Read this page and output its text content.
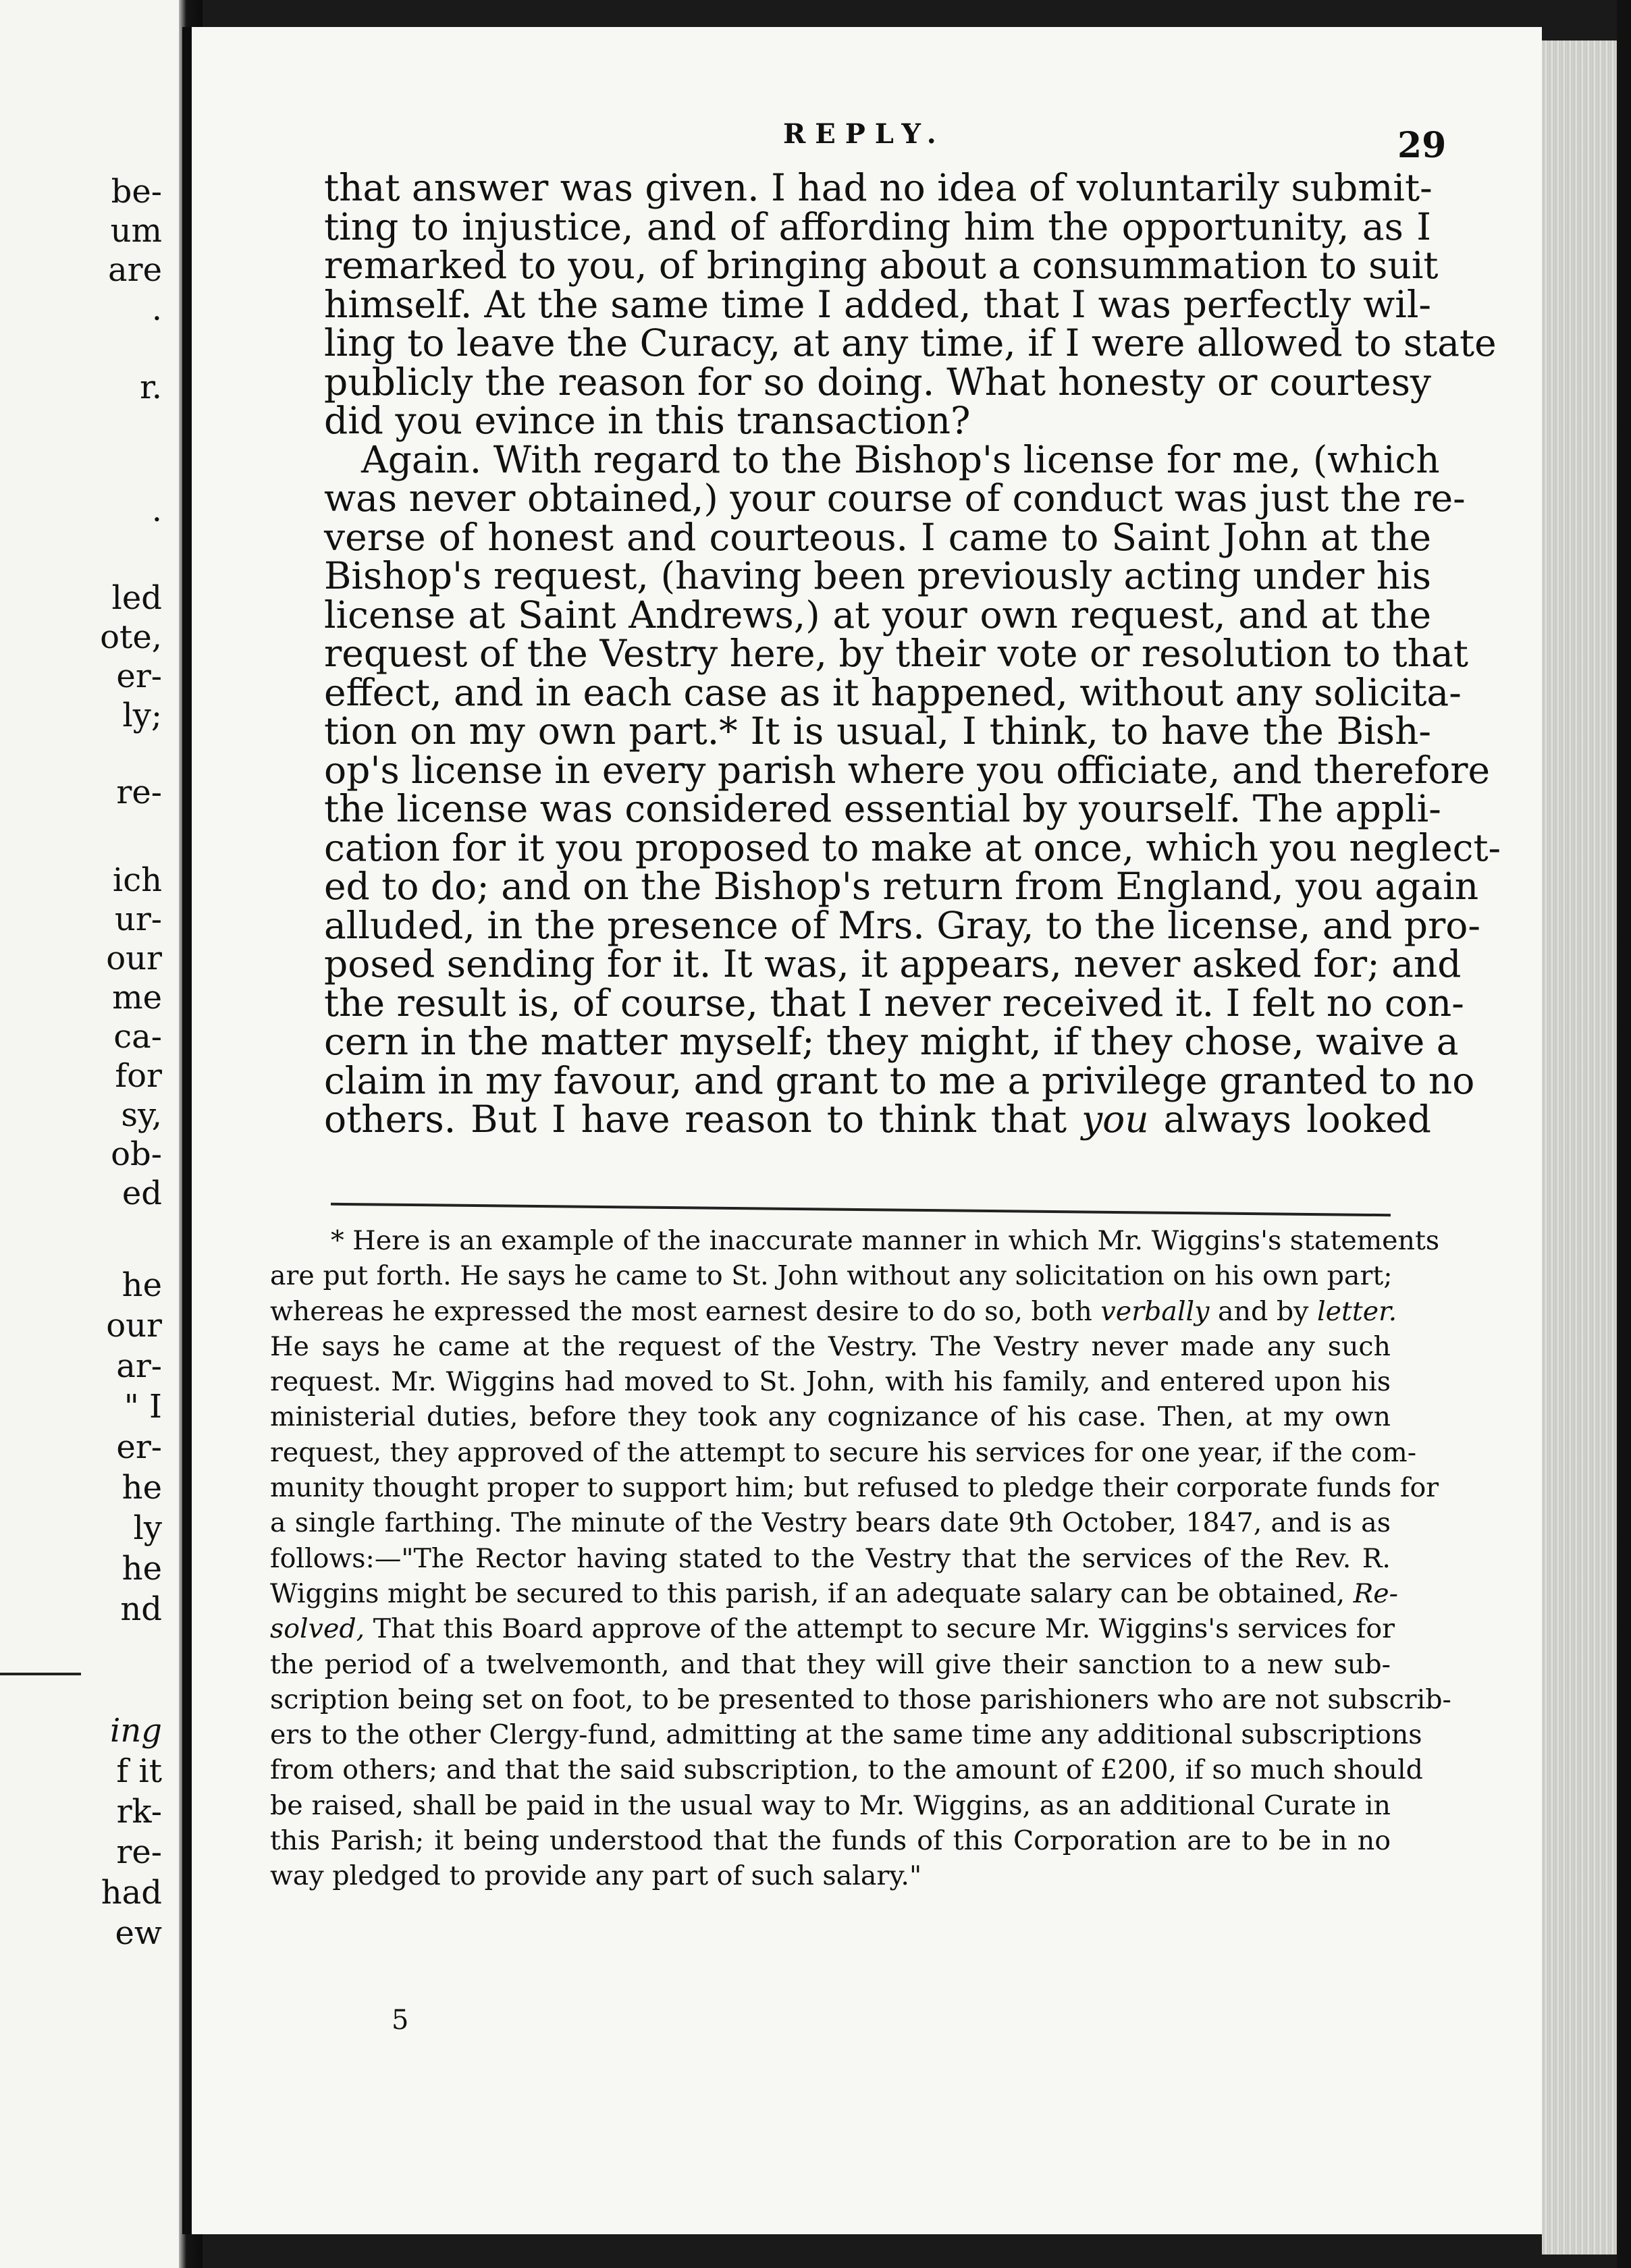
be-
um
are
.
r.
.
led
ote,
er-
ly;
re-
ich
ur-
our
me
ca-
for
sy,
ob-
ed
he
our
ar-
" I
er-
he
ly
he
nd
ing
f it
rk-
re-
had
ew
REPLY.	29
that answer was given. I had no idea of voluntarily submit-
ting to injustice, and of affording him the opportunity, as I
remarked to you, of bringing about a consummation to suit
himself. At the same time I added, that I was perfectly wil-
ling to leave the Curacy, at any time, if I were allowed to state
publicly the reason for so doing. What honesty or courtesy
did you evince in this transaction?
Again. With regard to the Bishop's license for me, (which
was never obtained,) your course of conduct was just the re-
verse of honest and courteous. I came to Saint John at the
Bishop's request, (having been previously acting under his
license at Saint Andrews,) at your own request, and at the
request of the Vestry here, by their vote or resolution to that
effect, and in each case as it happened, without any solicita-
tion on my own part.* It is usual, I think, to have the Bish-
op's license in every parish where you officiate, and therefore
the license was considered essential by yourself. The appli-
cation for it you proposed to make at once, which you neglect-
ed to do; and on the Bishop's return from England, you again
alluded, in the presence of Mrs. Gray, to the license, and pro-
posed sending for it. It was, it appears, never asked for; and
the result is, of course, that I never received it. I felt no con-
cern in the matter myself; they might, if they chose, waive a
claim in my favour, and grant to me a privilege granted to no
others. But I have reason to think that you always looked
* Here is an example of the inaccurate manner in which Mr. Wiggins's statements
are put forth. He says he came to St. John without any solicitation on his own part;
whereas he expressed the most earnest desire to do so, both verbally and by letter.
He says he came at the request of the Vestry. The Vestry never made any such
request. Mr. Wiggins had moved to St. John, with his family, and entered upon his
ministerial duties, before they took any cognizance of his case. Then, at my own
request, they approved of the attempt to secure his services for one year, if the com-
munity thought proper to support him; but refused to pledge their corporate funds for
a single farthing. The minute of the Vestry bears date 9th October, 1847, and is as
follows:—"The Rector having stated to the Vestry that the services of the Rev. R.
Wiggins might be secured to this parish, if an adequate salary can be obtained, Re-
solved, That this Board approve of the attempt to secure Mr. Wiggins's services for
the period of a twelvemonth, and that they will give their sanction to a new sub-
scription being set on foot, to be presented to those parishioners who are not subscrib-
ers to the other Clergy-fund, admitting at the same time any additional subscriptions
from others; and that the said subscription, to the amount of £200, if so much should
be raised, shall be paid in the usual way to Mr. Wiggins, as an additional Curate in
this Parish; it being understood that the funds of this Corporation are to be in no
way pledged to provide any part of such salary."
5
